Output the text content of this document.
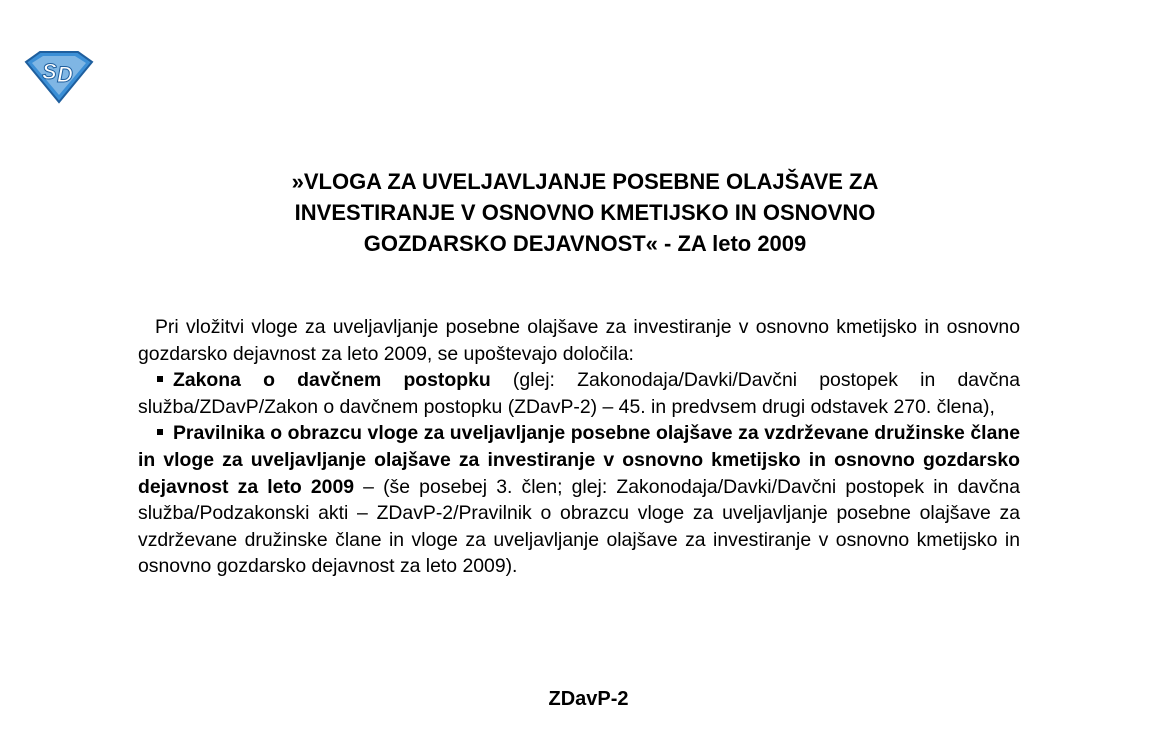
S D
»VLOGA ZA UVELJAVLJANJE POSEBNE OLAJŠAVE ZA
INVESTIRANJE V OSNOVNO KMETIJSKO IN OSNOVNO
GOZDARSKO DEJAVNOST« - ZA leto 2009

Pri vložitvi vloge za uveljavljanje posebne olajšave za investiranje v osnovno kmetijsko in osnovno gozdarsko dejavnost za leto 2009, se upoštevajo določila:

Zakona o davčnem postopku (glej: Zakonodaja/Davki/Davčni postopek in davčna služba/ZDavP/Zakon o davčnem postopku (ZDavP-2) – 45. in predvsem drugi odstavek 270. člena),

Pravilnika o obrazcu vloge za uveljavljanje posebne olajšave za vzdrževane družinske člane in vloge za uveljavljanje olajšave za investiranje v osnovno kmetijsko in osnovno gozdarsko dejavnost za leto 2009 – (še posebej 3. člen; glej: Zakonodaja/Davki/Davčni postopek in davčna služba/Podzakonski akti – ZDavP-2/Pravilnik o obrazcu vloge za uveljavljanje posebne olajšave za vzdrževane družinske člane in vloge za uveljavljanje olajšave za investiranje v osnovno kmetijsko in osnovno gozdarsko dejavnost za leto 2009).

ZDavP-2
